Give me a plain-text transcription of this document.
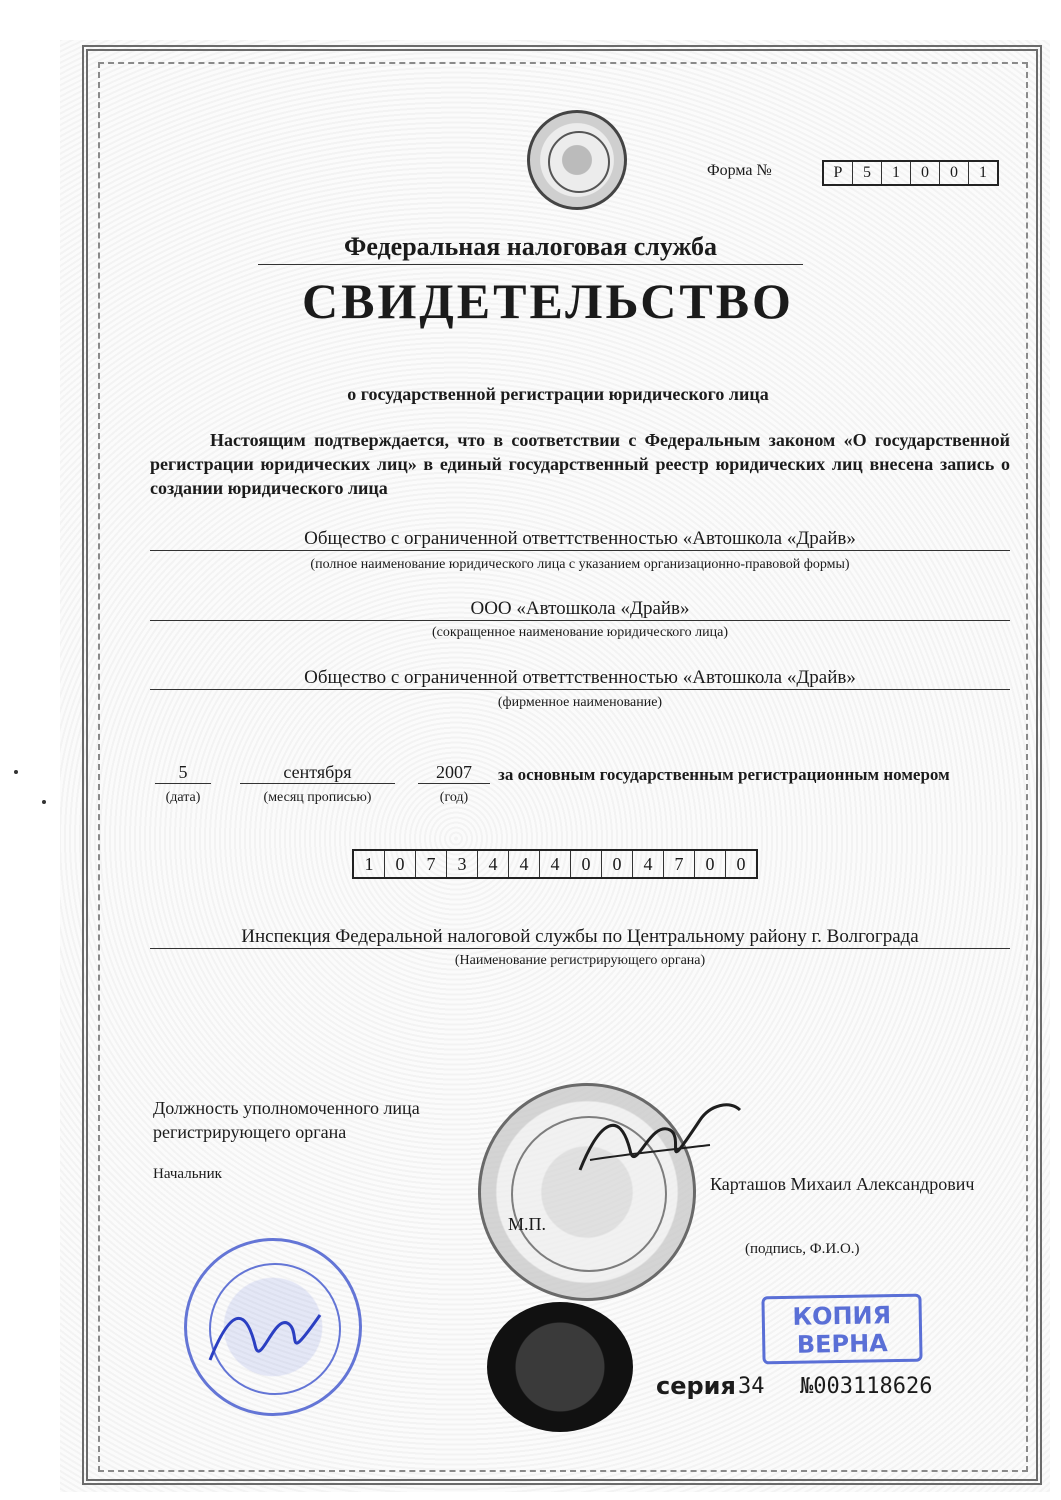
Форма №	Р	5	1	0	0	1
Федеральная налоговая служба
СВИДЕТЕЛЬСТВО
о государственной регистрации юридического лица
Настоящим подтверждается, что в соответствии с Федеральным законом «О государственной регистрации юридических лиц» в единый государственный реестр юридических лиц внесена запись о создании юридического лица
Общество с ограниченной ответтственностью «Автошкола «Драйв»
(полное наименование юридического лица с указанием организационно-правовой формы)
ООО «Автошкола «Драйв»
(сокращенное наименование юридического лица)
Общество с ограниченной ответтственностью «Автошкола «Драйв»
(фирменное наименование)
5	сентября	2007
(дата)	(месяц прописью)	(год)
за основным государственным регистрационным номером
1	0	7	3	4	4	4	0	0	4	7	0	0
Инспекция Федеральной налоговой службы по Центральному району г. Волгограда
(Наименование регистрирующего органа)
Должность уполномоченного лица регистрирующего органа
Начальник	Карташов Михаил Александрович
М.П.
(подпись, Ф.И.О.)
КОПИЯ
ВЕРНА
серия 34 №003118626
